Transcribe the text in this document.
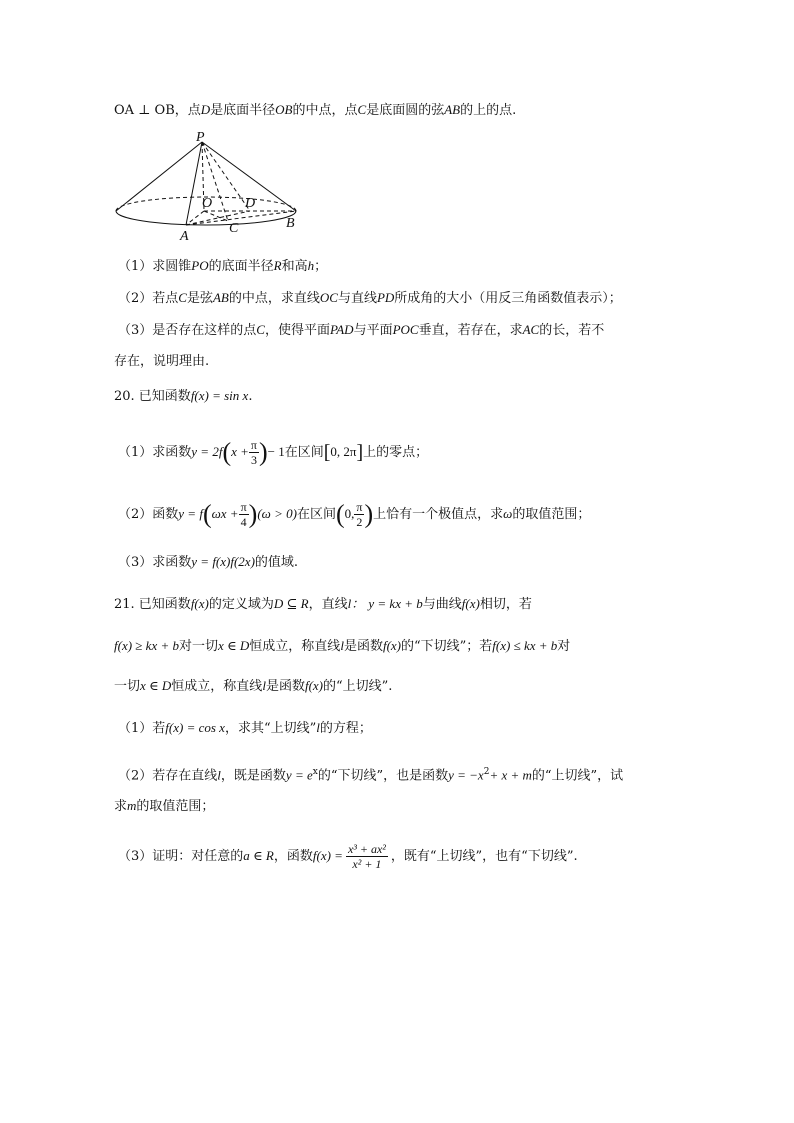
OA ⊥ OB，点D是底面半径OB的中点，点C是底面圆的弦AB的上的点.
P
O D
A
C	B
（1）求圆锥PO的底面半径R和高h；
（2）若点C是弦AB的中点，求直线OC与直线PD所成角的大小（用反三角函数值表示）；
（3）是否存在这样的点C，使得平面PAD与平面POC垂直，若存在，求AC的长，若不
存在，说明理由.
20. 已知函数f(x) = sin x.
（1）求函数$y = 2f(x + \frac{\pi}{3}$ )− 1在区间[0, 2π]上的零点；
（2）函数$y = f(\omega x + \frac{\pi}{4} )(\omega > 0)$在区间(0, $\frac{\pi}{2}$ )上恰有一个极值点，求ω的取值范围；
（3）求函数y = f(x)f(2x)的值域.
21. 已知函数f(x)的定义域为D ⊆ R，直线l： y = kx + b与曲线f(x)相切，若
f(x) ≥ kx + b对一切x ∈ D恒成立，称直线l是函数f(x)的“下切线”；若f(x) ≤ kx + b对
一切x ∈ D恒成立，称直线l是函数f(x)的“上切线”.
（1）若f(x) = cos x，求其“上切线”l的方程；
（2）若存在直线l，既是函数$y = e^x$的“下切线”，也是函数$y = -x^2+ x + m$的“上切线”，试
求m的取值范围；
（3）证明：对任意的a ∈ R，函数$f(x) = \frac{\text{x³ + ax²}}{\text{x² + 1}}$ ，既有“上切线”，也有“下切线”.
